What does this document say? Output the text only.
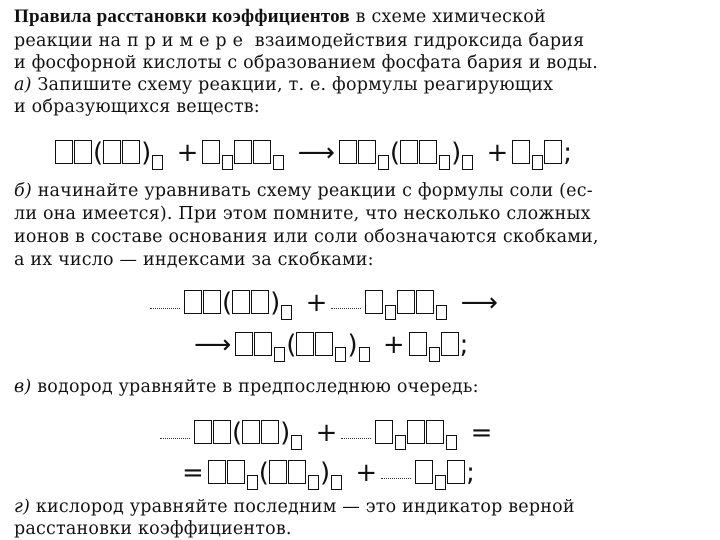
Правила расстановки коэффициентов в схеме химической
реакции на примере взаимодействия гидроксида бария
и фосфорной кислоты с образованием фосфата бария и воды.
а) Запишите схему реакции, т. е. формулы реагирующих
и образующихся веществ:
( ) +	⟶ ( ) + ;
б) начинайте уравнивать схему реакции с формулы соли (ес-
ли она имеется). При этом помните, что несколько сложных
ионов в составе основания или соли обозначаются скобками,
а их число — индексами за скобками:
( ) +	⟶
⟶ ( ) + ;
в) водород уравняйте в предпоследнюю очередь:
( ) +	=
= ( ) +	;
г) кислород уравняйте последним — это индикатор верной
расстановки коэффициентов.
